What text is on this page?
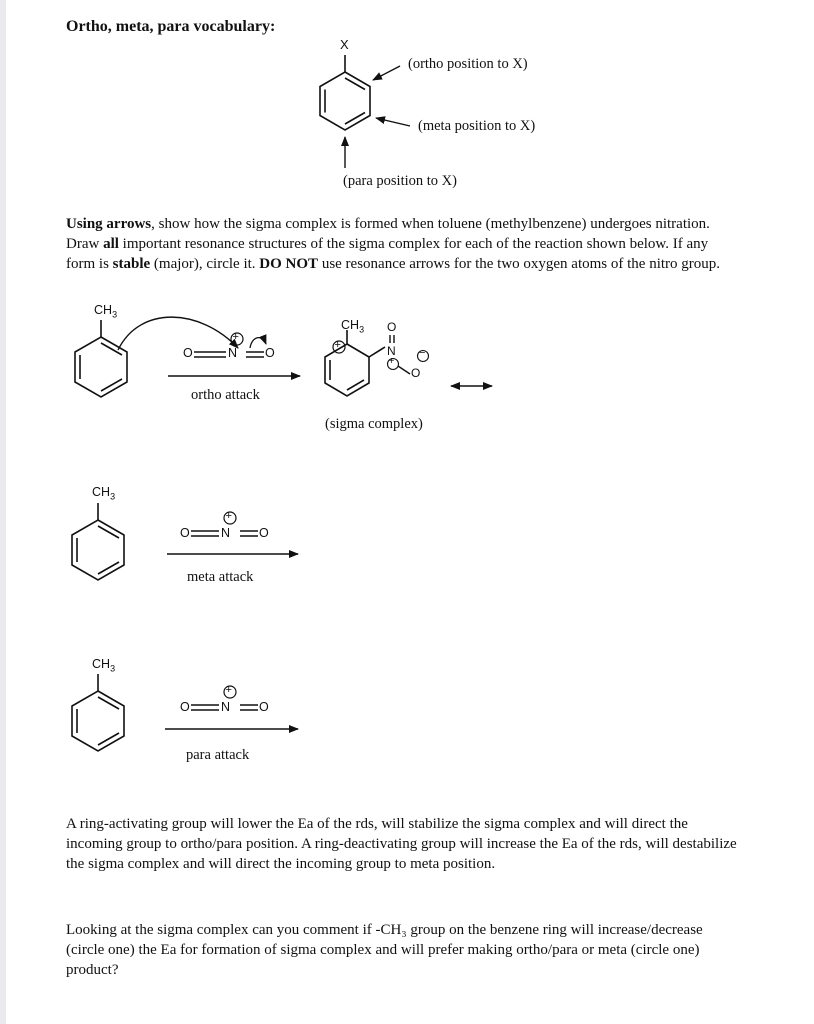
Ortho, meta, para vocabulary:
X
(ortho position to X)
(meta position to X)
(para position to X)
Using arrows, show how the sigma complex is formed when toluene (methylbenzene) undergoes nitration.
Draw all important resonance structures of the sigma complex for each of the reaction shown below. If any
form is stable (major), circle it. DO NOT use resonance arrows for the two oxygen atoms of the nitro group.
$CH_3$
O	N O
+
ortho attack
$CH_3$
+
O
N
+
O
−
(sigma complex)
$CH_3$
O	N O
+
meta attack
$CH_3$
O	N O
+
para attack
A ring-activating group will lower the Ea of the rds, will stabilize the sigma complex and will direct the
incoming group to ortho/para position. A ring-deactivating group will increase the Ea of the rds, will destabilize
the sigma complex and will direct the incoming group to meta position.
Looking at the sigma complex can you comment if -CH₃ group on the benzene ring will increase/decrease
(circle one) the Ea for formation of sigma complex and will prefer making ortho/para or meta (circle one)
product?
